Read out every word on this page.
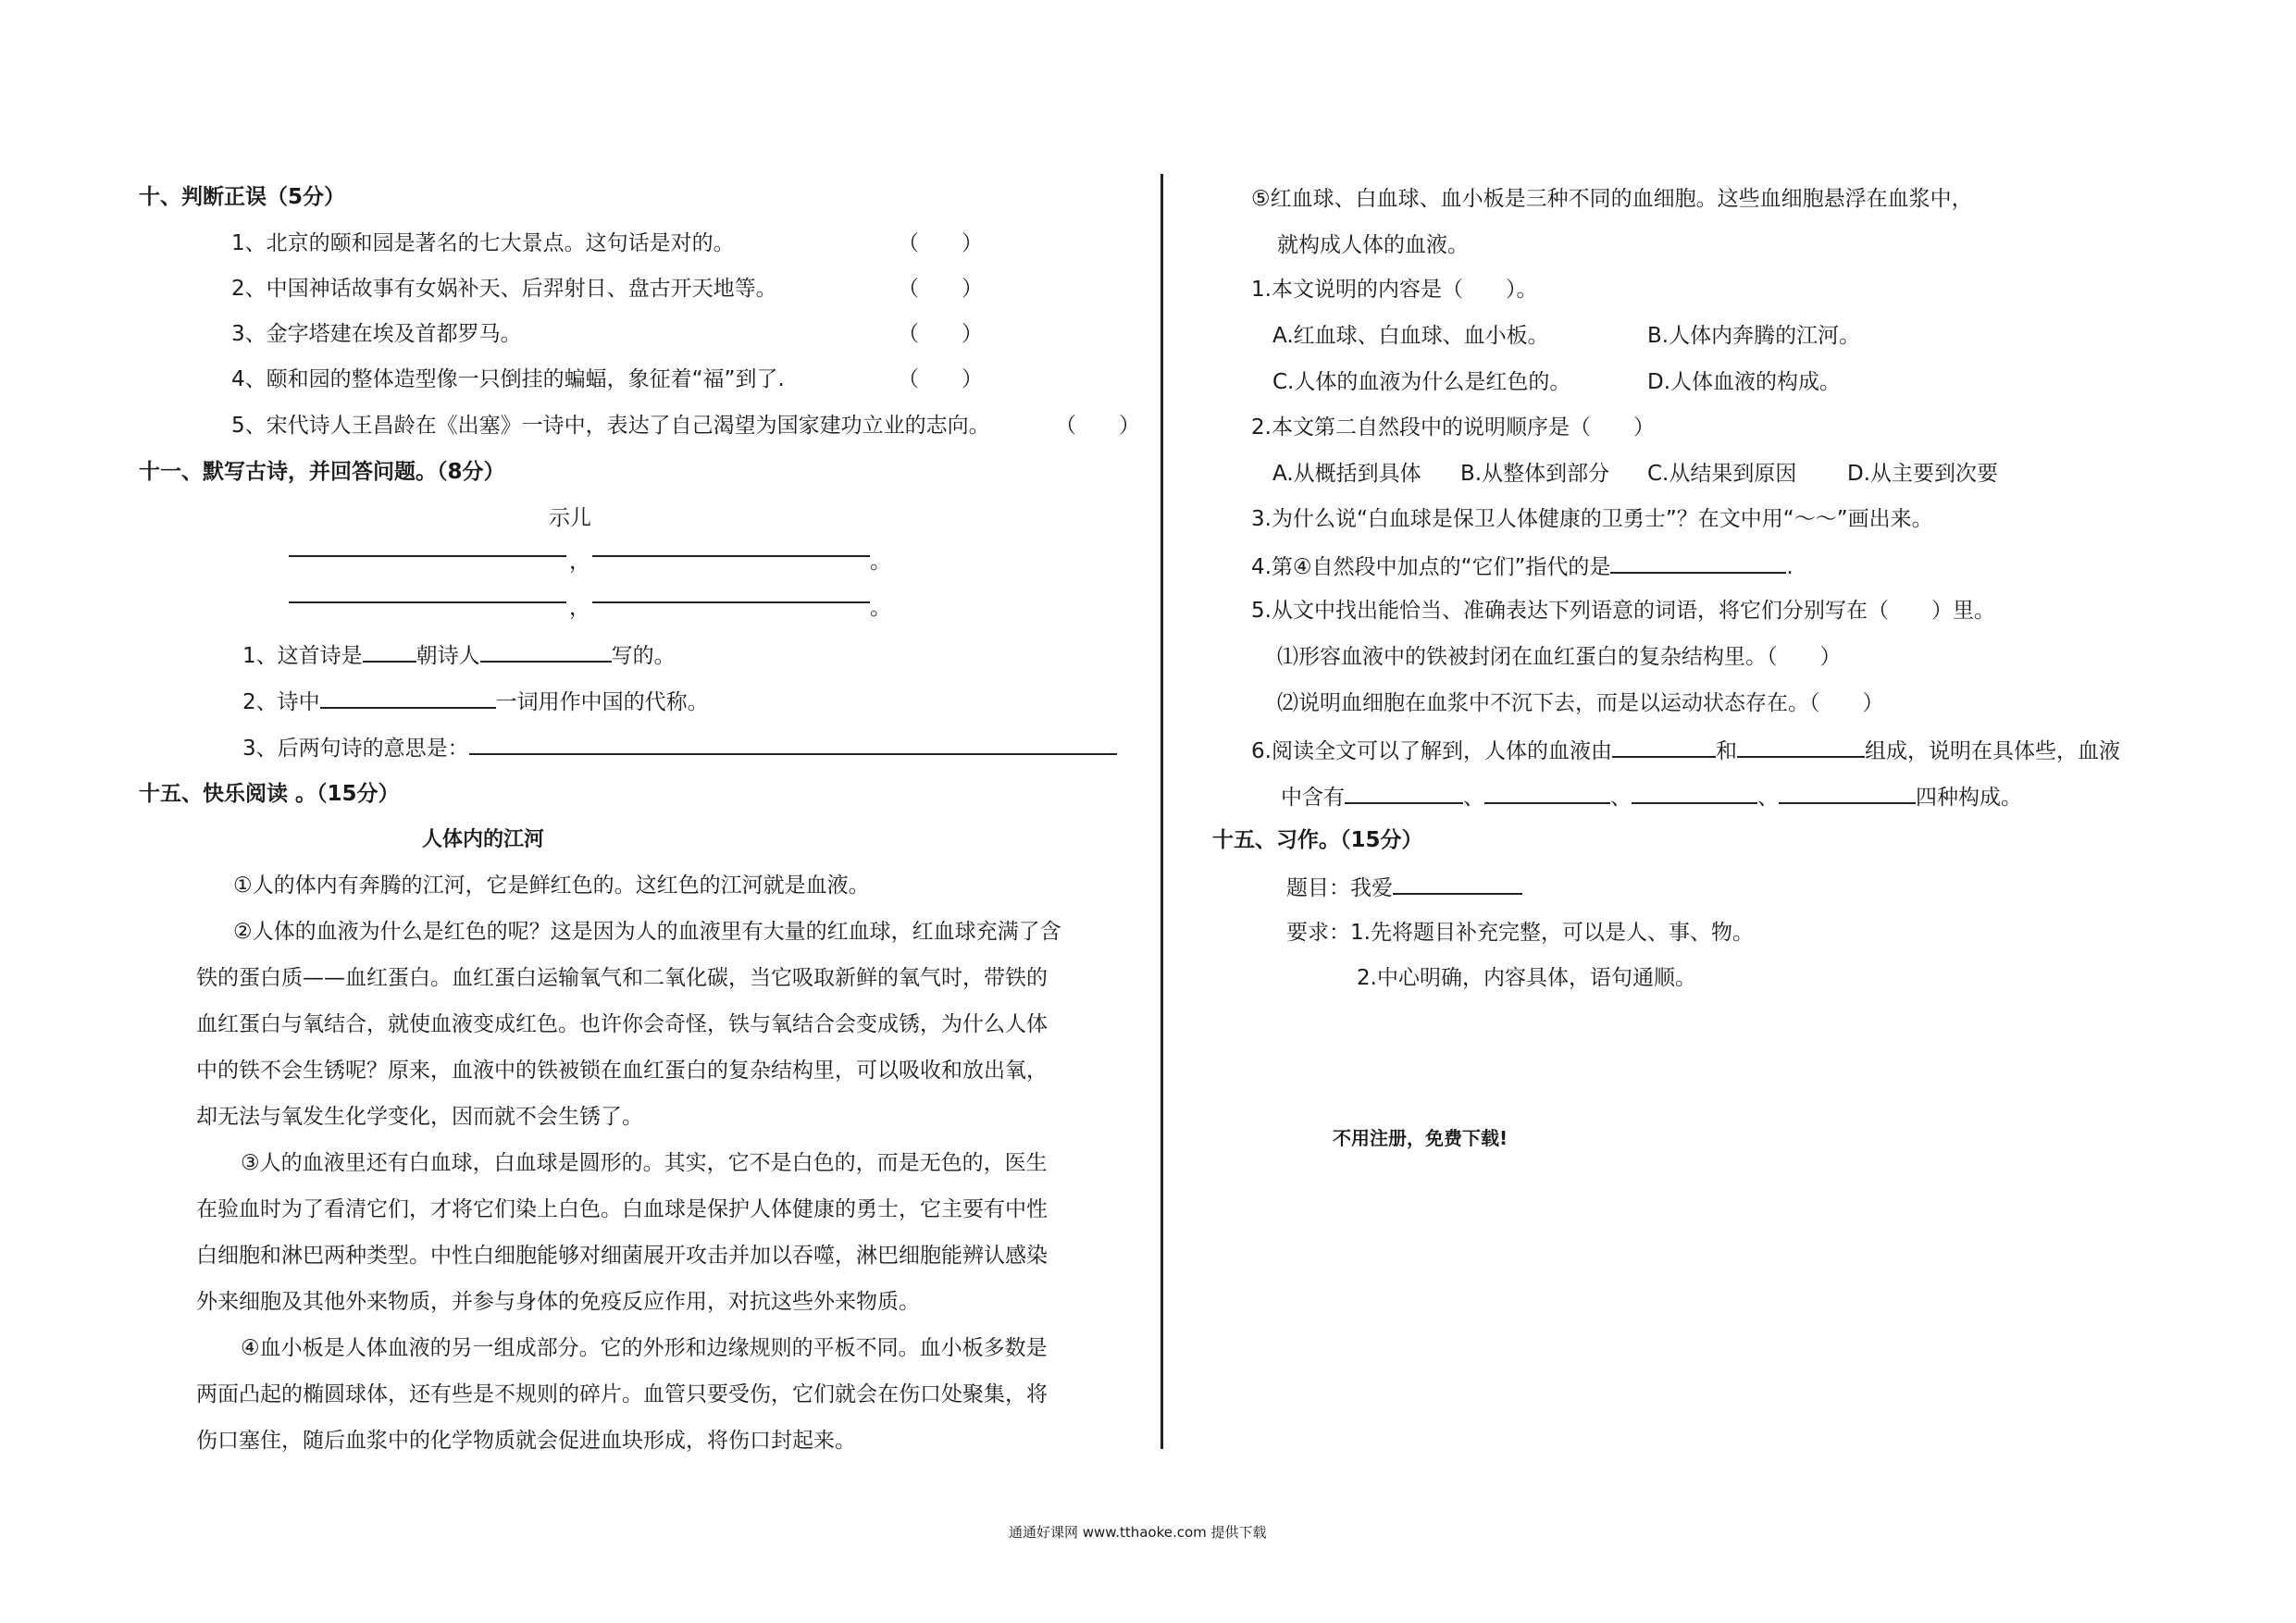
十、判断正误（5分）
1、北京的颐和园是著名的七大景点。这句话是对的。	（　　）
2、中国神话故事有女娲补天、后羿射日、盘古开天地等。	（　　）
3、金字塔建在埃及首都罗马。	（　　）
4、颐和园的整体造型像一只倒挂的蝙蝠，象征着“福”到了.	（　　）
5、宋代诗人王昌龄在《出塞》一诗中，表达了自己渴望为国家建功立业的志向。	（　　）
十一、默写古诗，并回答问题。（8分）
示儿
，	。
，	。
1、这首诗是	朝诗人	写的。
2、诗中	一词用作中国的代称。
3、后两句诗的意思是：
十五、快乐阅读 。（15分）
人体内的江河
①人的体内有奔腾的江河，它是鲜红色的。这红色的江河就是血液。
②人体的血液为什么是红色的呢？这是因为人的血液里有大量的红血球，红血球充满了含
铁的蛋白质——血红蛋白。血红蛋白运输氧气和二氧化碳，当它吸取新鲜的氧气时，带铁的
血红蛋白与氧结合，就使血液变成红色。也许你会奇怪，铁与氧结合会变成锈，为什么人体
中的铁不会生锈呢？原来，血液中的铁被锁在血红蛋白的复杂结构里，可以吸收和放出氧，
却无法与氧发生化学变化，因而就不会生锈了。
③人的血液里还有白血球，白血球是圆形的。其实，它不是白色的，而是无色的，医生
在验血时为了看清它们，才将它们染上白色。白血球是保护人体健康的勇士，它主要有中性
白细胞和淋巴两种类型。中性白细胞能够对细菌展开攻击并加以吞噬，淋巴细胞能辨认感染
外来细胞及其他外来物质，并参与身体的免疫反应作用，对抗这些外来物质。
④血小板是人体血液的另一组成部分。它的外形和边缘规则的平板不同。血小板多数是
两面凸起的椭圆球体，还有些是不规则的碎片。血管只要受伤，它们就会在伤口处聚集，将
伤口塞住，随后血浆中的化学物质就会促进血块形成，将伤口封起来。
⑤红血球、白血球、血小板是三种不同的血细胞。这些血细胞悬浮在血浆中，
就构成人体的血液。
1.本文说明的内容是（　　）。
A.红血球、白血球、血小板。	B.人体内奔腾的江河。
C.人体的血液为什么是红色的。	D.人体血液的构成。
2.本文第二自然段中的说明顺序是（　　）
A.从概括到具体 B.从整体到部分 C.从结果到原因 D.从主要到次要
3.为什么说“白血球是保卫人体健康的卫勇士”？在文中用“～～”画出来。
4.第④自然段中加点的“它们”指代的是	.
5.从文中找出能恰当、准确表达下列语意的词语，将它们分别写在（　　）里。
⑴形容血液中的铁被封闭在血红蛋白的复杂结构里。（　　）
⑵说明血细胞在血浆中不沉下去，而是以运动状态存在。（　　）
6.阅读全文可以了解到，人体的血液由	和	组成，说明在具体些，血液
中含有	、	、	、	四种构成。
十五、习作。（15分）
题目：我爱
要求：1.先将题目补充完整，可以是人、事、物。
2.中心明确，内容具体，语句通顺。
不用注册，免费下载!
通通好课网 www.tthaoke.com 提供下载
